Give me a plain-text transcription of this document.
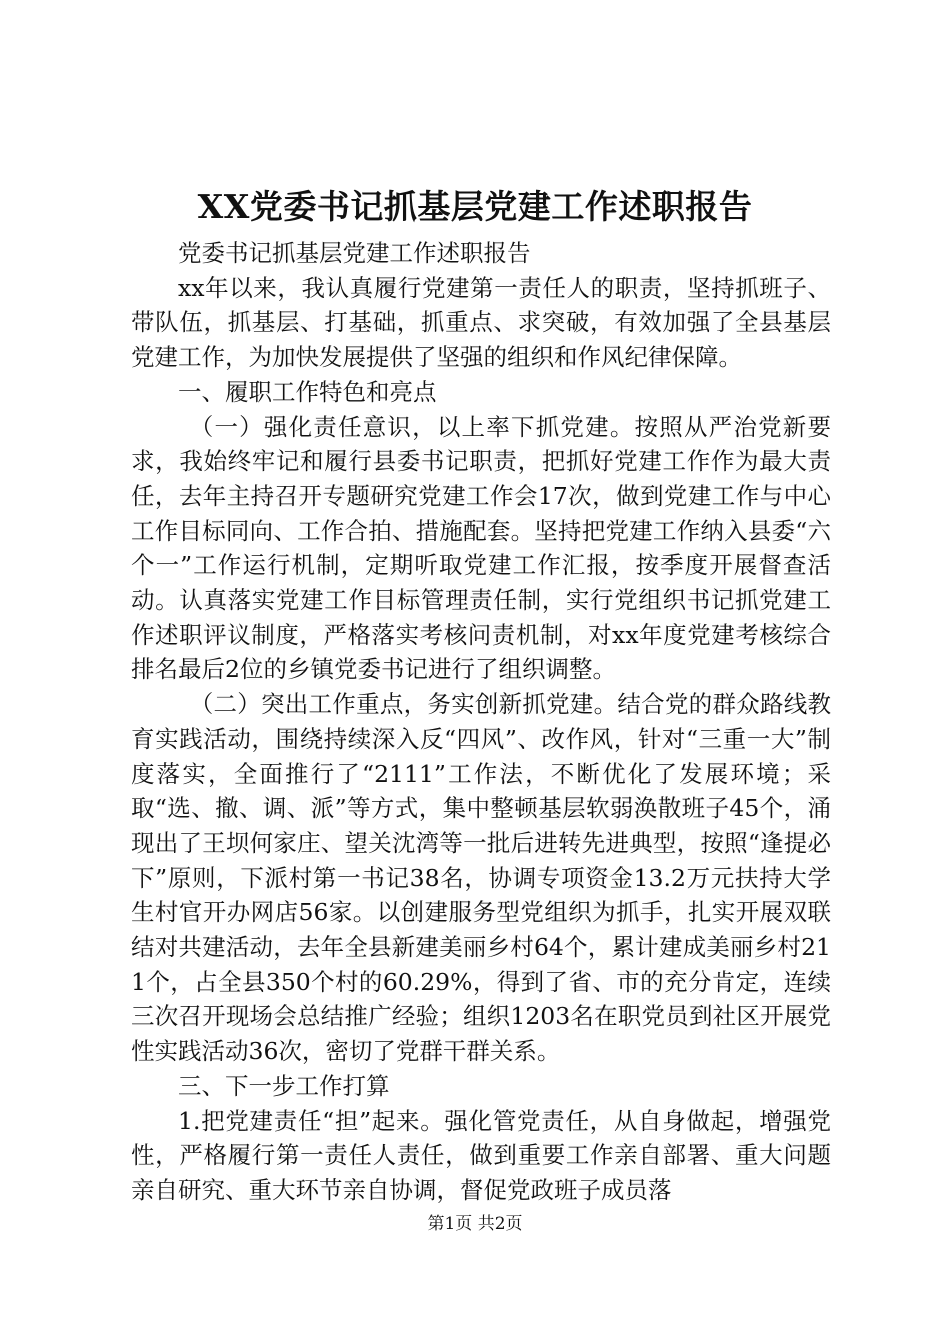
XX党委书记抓基层党建工作述职报告

党委书记抓基层党建工作述职报告

xx年以来，我认真履行党建第一责任人的职责，坚持抓班子、带队伍，抓基层、打基础，抓重点、求突破，有效加强了全县基层党建工作，为加快发展提供了坚强的组织和作风纪律保障。

一、履职工作特色和亮点

（一）强化责任意识，以上率下抓党建。按照从严治党新要求，我始终牢记和履行县委书记职责，把抓好党建工作作为最大责任，去年主持召开专题研究党建工作会17次，做到党建工作与中心工作目标同向、工作合拍、措施配套。坚持把党建工作纳入县委“六个一”工作运行机制，定期听取党建工作汇报，按季度开展督查活动。认真落实党建工作目标管理责任制，实行党组织书记抓党建工作述职评议制度，严格落实考核问责机制，对xx年度党建考核综合排名最后2位的乡镇党委书记进行了组织调整。

（二）突出工作重点，务实创新抓党建。结合党的群众路线教育实践活动，围绕持续深入反“四风”、改作风，针对“三重一大”制度落实，全面推行了“2111”工作法，不断优化了发展环境；采取“选、撤、调、派”等方式，集中整顿基层软弱涣散班子45个，涌现出了王坝何家庄、望关沈湾等一批后进转先进典型，按照“逢提必下”原则，下派村第一书记38名，协调专项资金13.2万元扶持大学生村官开办网店56家。以创建服务型党组织为抓手，扎实开展双联结对共建活动，去年全县新建美丽乡村64个，累计建成美丽乡村211个，占全县350个村的60.29%，得到了省、市的充分肯定，连续三次召开现场会总结推广经验；组织1203名在职党员到社区开展党性实践活动36次，密切了党群干群关系。

三、下一步工作打算

1.把党建责任“担”起来。强化管党责任，从自身做起，增强党性，严格履行第一责任人责任，做到重要工作亲自部署、重大问题亲自研究、重大环节亲自协调，督促党政班子成员落

第1页 共2页
